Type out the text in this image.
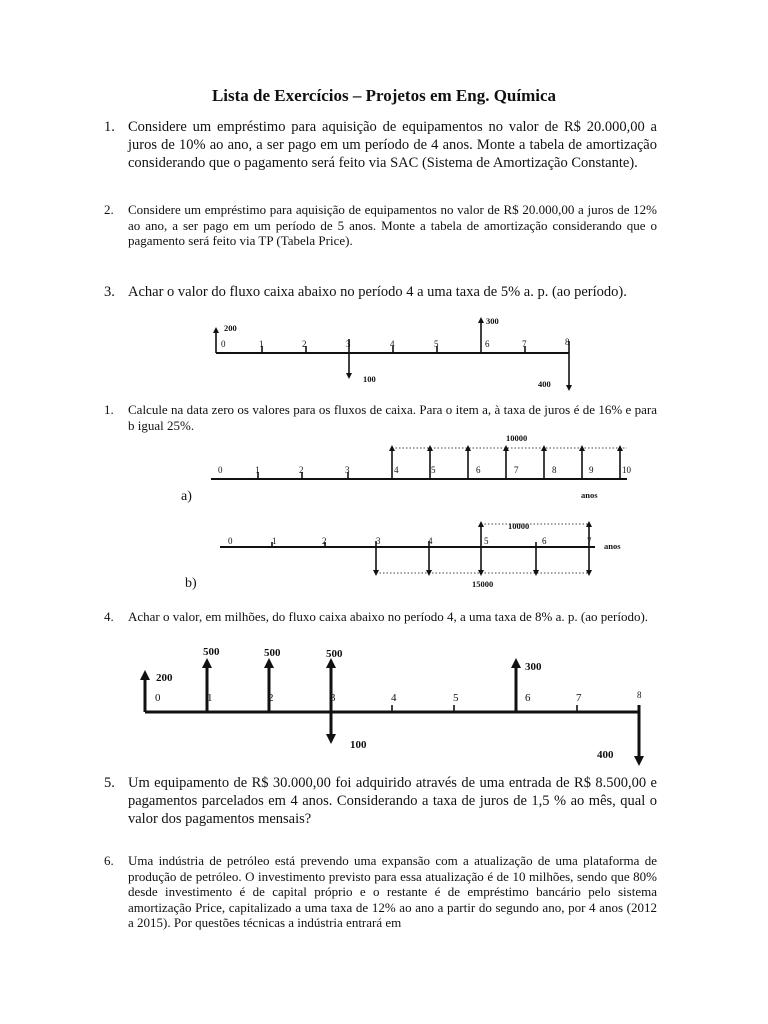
Lista de Exercícios – Projetos em Eng. Química
1. Considere um empréstimo para aquisição de equipamentos no valor de R$ 20.000,00 a juros de 10% ao ano, a ser pago em um período de 4 anos. Monte a tabela de amortização considerando que o pagamento será feito via SAC (Sistema de Amortização Constante).
2. Considere um empréstimo para aquisição de equipamentos no valor de R$ 20.000,00 a juros de 12% ao ano, a ser pago em um período de 5 anos. Monte a tabela de amortização considerando que o pagamento será feito via TP (Tabela Price).
3. Achar o valor do fluxo caixa abaixo no período 4 a uma taxa de 5% a. p. (ao período).
1. Calcule na data zero os valores para os fluxos de caixa. Para o item a, à taxa de juros é de 16% e para b igual 25%.
4. Achar o valor, em milhões, do fluxo caixa abaixo no período 4, a uma taxa de 8% a. p. (ao período).
5. Um equipamento de R$ 30.000,00 foi adquirido através de uma entrada de R$ 8.500,00 e pagamentos parcelados em 4 anos. Considerando a taxa de juros de 1,5 % ao mês, qual o valor dos pagamentos mensais?
6. Uma indústria de petróleo está prevendo uma expansão com a atualização de uma plataforma de produção de petróleo. O investimento previsto para essa atualização é de 10 milhões, sendo que 80% desde investimento é de capital próprio e o restante é de empréstimo bancário pelo sistema amortização Price, capitalizado a uma taxa de 12% ao ano a partir do segundo ano, por 4 anos (2012 a 2015). Por questões técnicas a indústria entrará em
0	1	2	3	4	5	6	7	8
200
300
100	400
0	1	2	3	4	5	6	7	8	9	10
10000
anos
a)
0	1	2	3	4	5	6	7
10000
15000
anos
b)
0	1	2	3	4	5	6	7	8
200
500	500	500
300
100
400
